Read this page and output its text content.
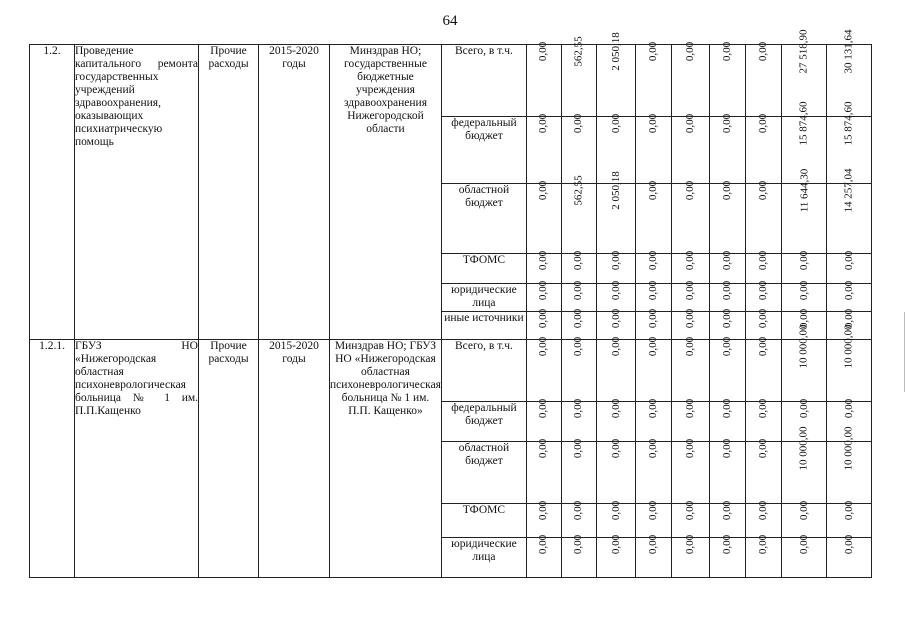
64
1.2.	Проведение капитального ремонта государственных учреждений здравоохранения, оказывающих психиатрическую помощь	Прочие расходы	2015-2020 годы	Минздрав НО; государственные бюджетные учреждения здравоохранения Нижегородской области	Всего, в т.ч.	0,00	562,55	2 050,18	0,00	0,00	0,00	0,00	27 518,90	30 131,64
					федеральный бюджет	0,00	0,00	0,00	0,00	0,00	0,00	0,00	15 874,60	15 874,60
					областной бюджет	0,00	562,55	2 050,18	0,00	0,00	0,00	0,00	11 644,30	14 257,04
					ТФОМС	0,00	0,00	0,00	0,00	0,00	0,00	0,00	0,00	0,00
					юридические лица	0,00	0,00	0,00	0,00	0,00	0,00	0,00	0,00	0,00
					иные источники	0,00	0,00	0,00	0,00	0,00	0,00	0,00	0,00	0,00
1.2.1.	ГБУЗ НО «Нижегородская областная психоневрологическая больница № 1 им. П.П.Кащенко	Прочие расходы	2015-2020 годы	Минздрав НО; ГБУЗ НО «Нижегородская областная психоневрологическая больница № 1 им. П.П. Кащенко»	Всего, в т.ч.	0,00	0,00	0,00	0,00	0,00	0,00	0,00	10 000,00	10 000,00
					федеральный бюджет	0,00	0,00	0,00	0,00	0,00	0,00	0,00	0,00	0,00
					областной бюджет	0,00	0,00	0,00	0,00	0,00	0,00	0,00	10 000,00	10 000,00
					ТФОМС	0,00	0,00	0,00	0,00	0,00	0,00	0,00	0,00	0,00
					юридические лица	0,00	0,00	0,00	0,00	0,00	0,00	0,00	0,00	0,00
